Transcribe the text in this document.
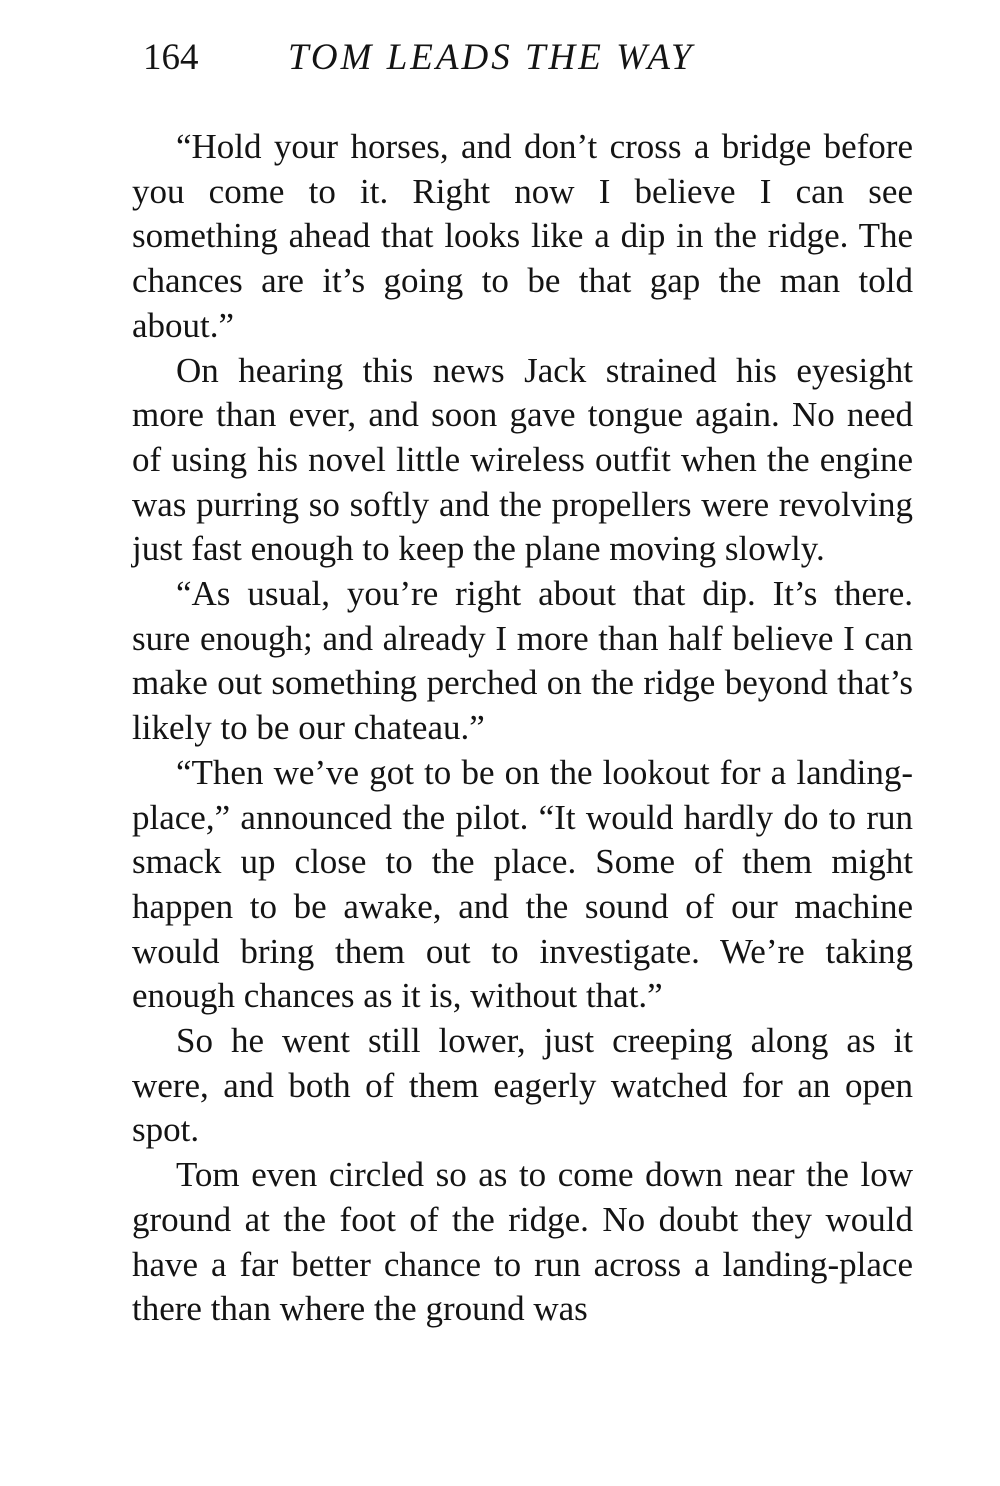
164 TOM LEADS THE WAY

“Hold your horses, and don’t cross a bridge before you come to it. Right now I believe I can see something ahead that looks like a dip in the ridge. The chances are it’s going to be that gap the man told about.”

On hearing this news Jack strained his eyesight more than ever, and soon gave tongue again. No need of using his novel little wireless outfit when the engine was purring so softly and the propellers were revolving just fast enough to keep the plane moving slowly.

“As usual, you’re right about that dip. It’s there. sure enough; and already I more than half believe I can make out something perched on the ridge beyond that’s likely to be our chateau.”

“Then we’ve got to be on the lookout for a landing-place,” announced the pilot. “It would hardly do to run smack up close to the place. Some of them might happen to be awake, and the sound of our machine would bring them out to investigate. We’re taking enough chances as it is, without that.”

So he went still lower, just creeping along as it were, and both of them eagerly watched for an open spot.

Tom even circled so as to come down near the low ground at the foot of the ridge. No doubt they would have a far better chance to run across a landing-place there than where the ground was
